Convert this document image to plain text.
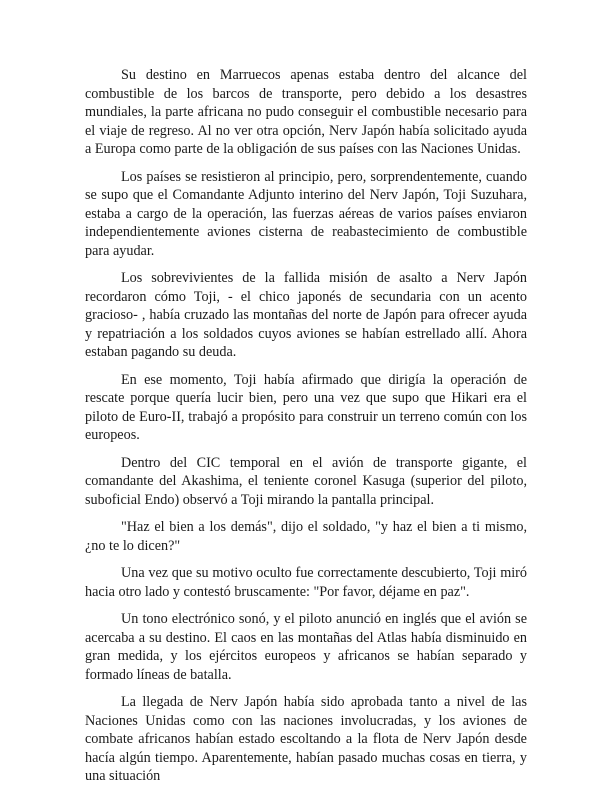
Su destino en Marruecos apenas estaba dentro del alcance del combustible de los barcos de transporte, pero debido a los desastres mundiales, la parte africana no pudo conseguir el combustible necesario para el viaje de regreso. Al no ver otra opción, Nerv Japón había solicitado ayuda a Europa como parte de la obligación de sus países con las Naciones Unidas.

Los países se resistieron al principio, pero, sorprendentemente, cuando se supo que el Comandante Adjunto interino del Nerv Japón, Toji Suzuhara, estaba a cargo de la operación, las fuerzas aéreas de varios países enviaron independientemente aviones cisterna de reabastecimiento de combustible para ayudar.

Los sobrevivientes de la fallida misión de asalto a Nerv Japón recordaron cómo Toji, - el chico japonés de secundaria con un acento gracioso- , había cruzado las montañas del norte de Japón para ofrecer ayuda y repatriación a los soldados cuyos aviones se habían estrellado allí. Ahora estaban pagando su deuda.

En ese momento, Toji había afirmado que dirigía la operación de rescate porque quería lucir bien, pero una vez que supo que Hikari era el piloto de Euro-II, trabajó a propósito para construir un terreno común con los europeos.

Dentro del CIC temporal en el avión de transporte gigante, el comandante del Akashima, el teniente coronel Kasuga (superior del piloto, suboficial Endo) observó a Toji mirando la pantalla principal.

"Haz el bien a los demás", dijo el soldado, "y haz el bien a ti mismo, ¿no te lo dicen?"

Una vez que su motivo oculto fue correctamente descubierto, Toji miró hacia otro lado y contestó bruscamente: "Por favor, déjame en paz".

Un tono electrónico sonó, y el piloto anunció en inglés que el avión se acercaba a su destino. El caos en las montañas del Atlas había disminuido en gran medida, y los ejércitos europeos y africanos se habían separado y formado líneas de batalla.

La llegada de Nerv Japón había sido aprobada tanto a nivel de las Naciones Unidas como con las naciones involucradas, y los aviones de combate africanos habían estado escoltando a la flota de Nerv Japón desde hacía algún tiempo. Aparentemente, habían pasado muchas cosas en tierra, y una situación
